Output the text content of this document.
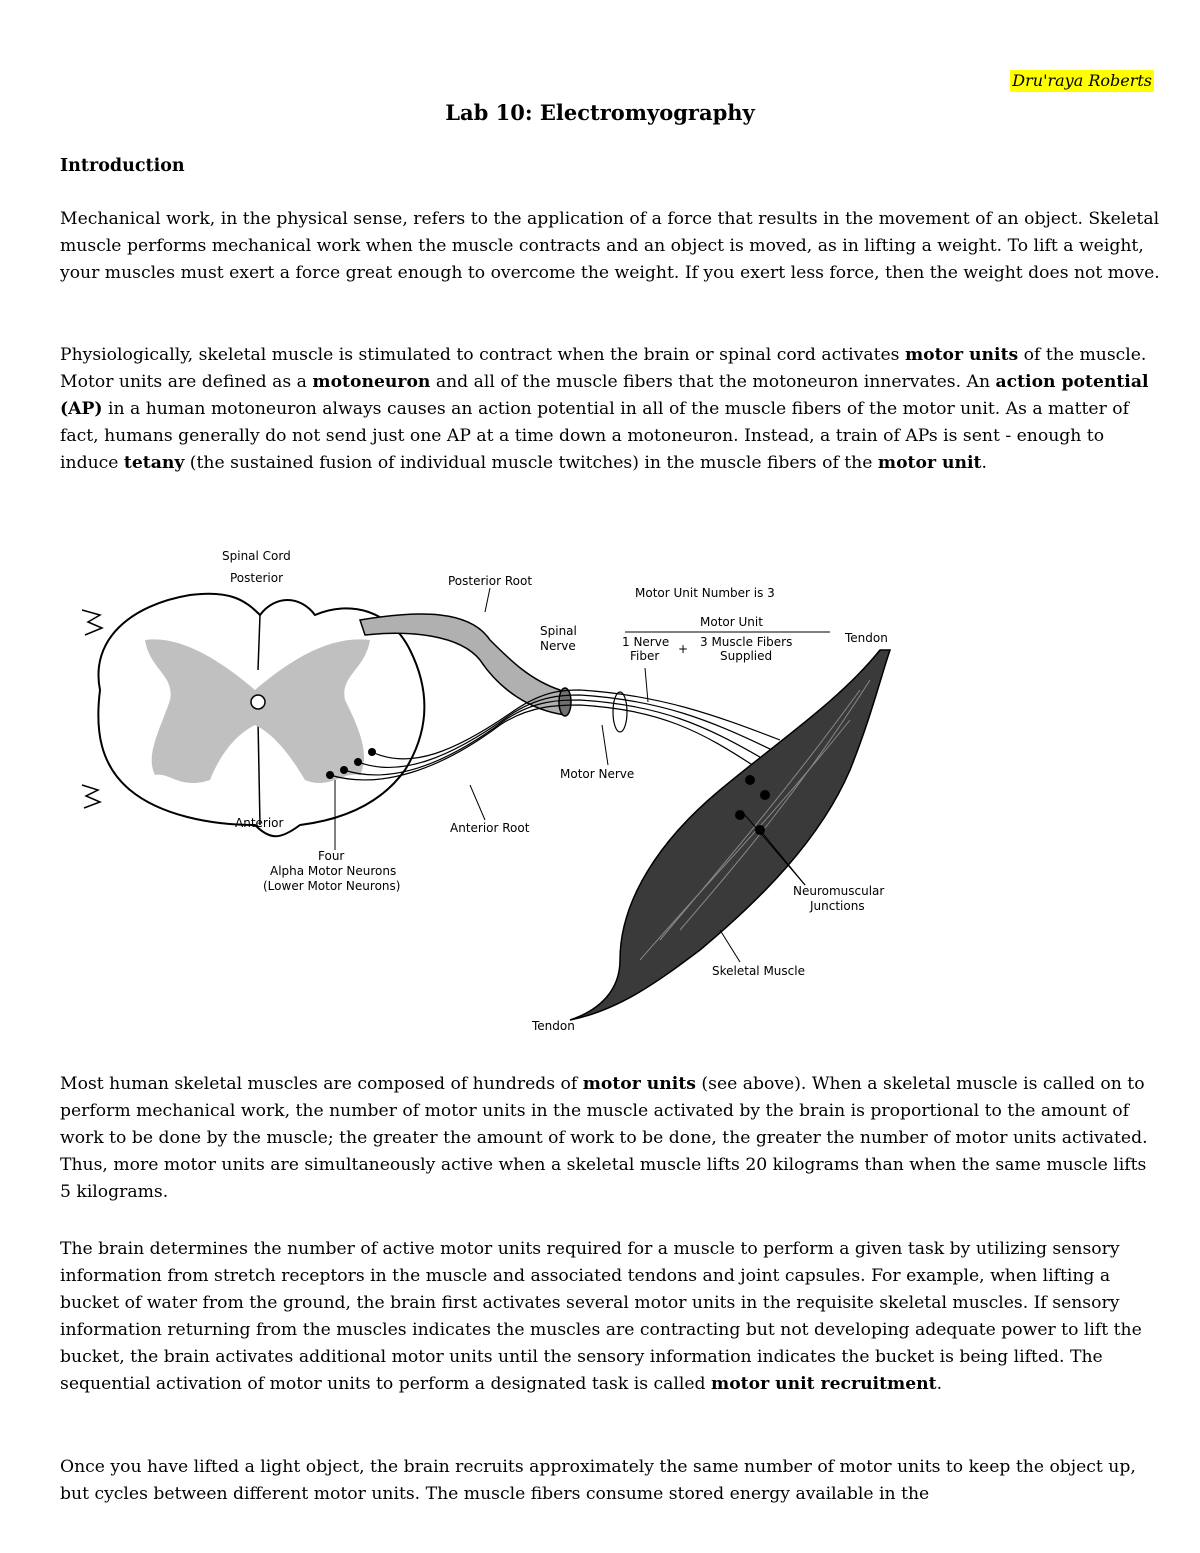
Dru'raya Roberts
Lab 10: Electromyography
Introduction
Mechanical work, in the physical sense, refers to the application of a force that results in the movement of an object. Skeletal muscle performs mechanical work when the muscle contracts and an object is moved, as in lifting a weight. To lift a weight, your muscles must exert a force great enough to overcome the weight. If you exert less force, then the weight does not move.
Physiologically, skeletal muscle is stimulated to contract when the brain or spinal cord activates motor units of the muscle. Motor units are defined as a motoneuron and all of the muscle fibers that the motoneuron innervates. An action potential (AP) in a human motoneuron always causes an action potential in all of the muscle fibers of the motor unit. As a matter of fact, humans generally do not send just one AP at a time down a motoneuron. Instead, a train of APs is sent - enough to induce tetany (the sustained fusion of individual muscle twitches) in the muscle fibers of the motor unit.
Spinal Cord
Posterior	Posterior Root
Motor Unit Number is 3
Spinal
Nerve
Motor Unit
1 Nerve
Fiber + 3 Muscle Fibers
Supplied
Tendon
Motor Nerve
Anterior	Anterior Root
Four
Alpha Motor Neurons
(Lower Motor Neurons)	Neuromuscular
Junctions
Skeletal Muscle
Tendon
Most human skeletal muscles are composed of hundreds of motor units (see above). When a skeletal muscle is called on to perform mechanical work, the number of motor units in the muscle activated by the brain is proportional to the amount of work to be done by the muscle; the greater the amount of work to be done, the greater the number of motor units activated. Thus, more motor units are simultaneously active when a skeletal muscle lifts 20 kilograms than when the same muscle lifts 5 kilograms.
The brain determines the number of active motor units required for a muscle to perform a given task by utilizing sensory information from stretch receptors in the muscle and associated tendons and joint capsules. For example, when lifting a bucket of water from the ground, the brain first activates several motor units in the requisite skeletal muscles. If sensory information returning from the muscles indicates the muscles are contracting but not developing adequate power to lift the bucket, the brain activates additional motor units until the sensory information indicates the bucket is being lifted. The sequential activation of motor units to perform a designated task is called motor unit recruitment.
Once you have lifted a light object, the brain recruits approximately the same number of motor units to keep the object up, but cycles between different motor units. The muscle fibers consume stored energy available in the
